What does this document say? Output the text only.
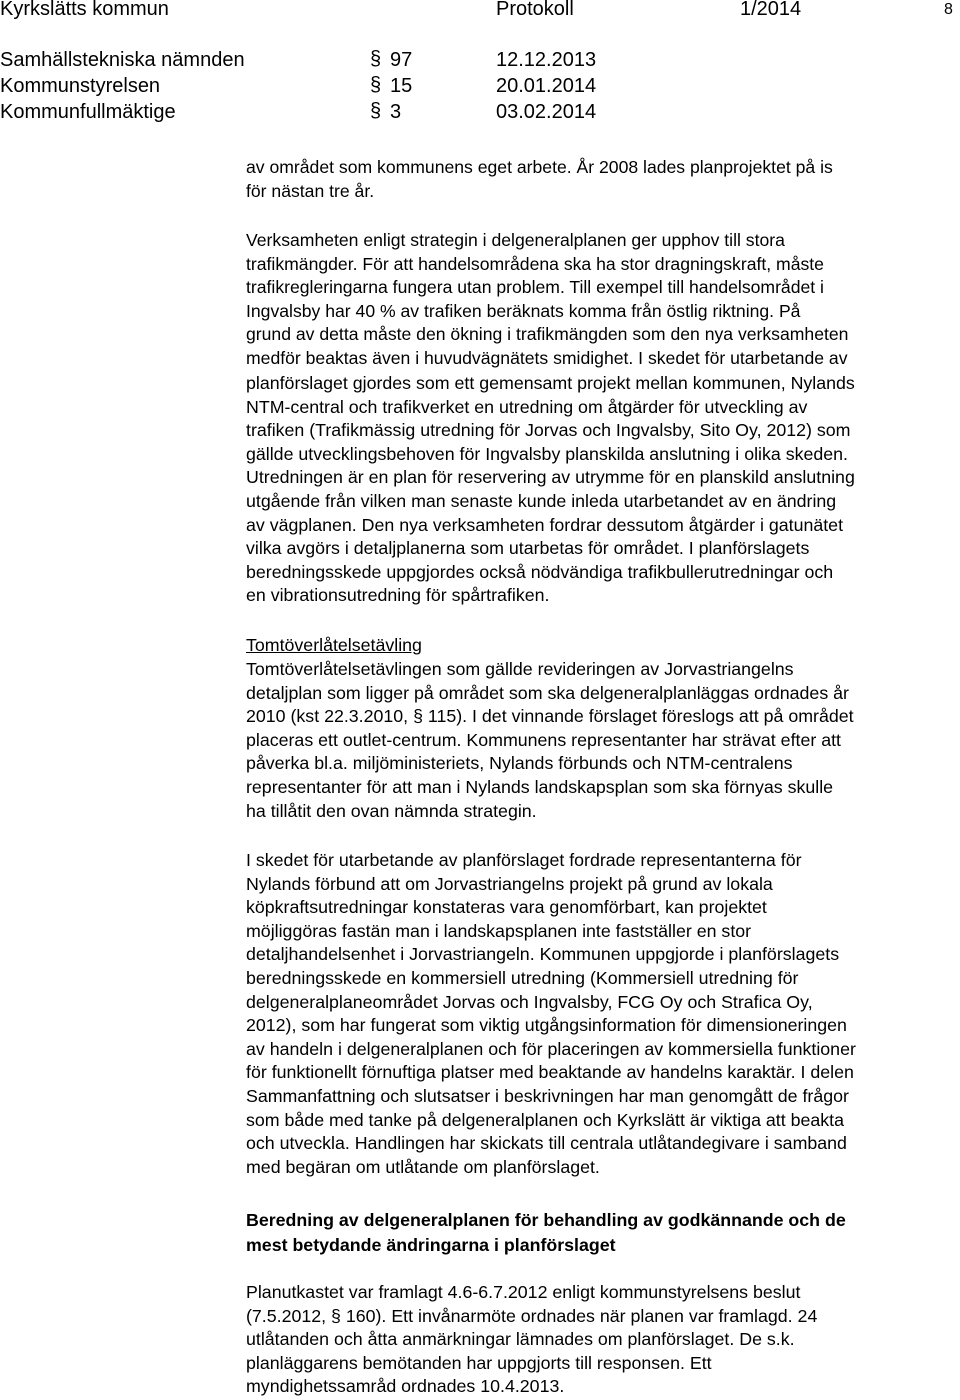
Kyrkslätts kommun	Protokoll	1/2014	8
Samhällstekniska nämnden	§ 97	12.12.2013
Kommunstyrelsen	§ 15	20.01.2014
Kommunfullmäktige	§ 3	03.02.2014
av området som kommunens eget arbete. År 2008 lades planprojektet på is
för nästan tre år.
Verksamheten enligt strategin i delgeneralplanen ger upphov till stora
trafikmängder. För att handelsområdena ska ha stor dragningskraft, måste
trafikregleringarna fungera utan problem. Till exempel till handelsområdet i
Ingvalsby har 40 % av trafiken beräknats komma från östlig riktning. På
grund av detta måste den ökning i trafikmängden som den nya verksamheten
medför beaktas även i huvudvägnätets smidighet. I skedet för utarbetande av
planförslaget gjordes som ett gemensamt projekt mellan kommunen, Nylands
NTM-central och trafikverket en utredning om åtgärder för utveckling av
trafiken (Trafikmässig utredning för Jorvas och Ingvalsby, Sito Oy, 2012) som
gällde utvecklingsbehoven för Ingvalsby planskilda anslutning i olika skeden.
Utredningen är en plan för reservering av utrymme för en planskild anslutning
utgående från vilken man senaste kunde inleda utarbetandet av en ändring
av vägplanen. Den nya verksamheten fordrar dessutom åtgärder i gatunätet
vilka avgörs i detaljplanerna som utarbetas för området. I planförslagets
beredningsskede uppgjordes också nödvändiga trafikbullerutredningar och
en vibrationsutredning för spårtrafiken.
Tomtöverlåtelsetävling
Tomtöverlåtelsetävlingen som gällde revideringen av Jorvastriangelns
detaljplan som ligger på området som ska delgeneralplanläggas ordnades år
2010 (kst 22.3.2010, § 115). I det vinnande förslaget föreslogs att på området
placeras ett outlet-centrum. Kommunens representanter har strävat efter att
påverka bl.a. miljöministeriets, Nylands förbunds och NTM-centralens
representanter för att man i Nylands landskapsplan som ska förnyas skulle
ha tillåtit den ovan nämnda strategin.
I skedet för utarbetande av planförslaget fordrade representanterna för
Nylands förbund att om Jorvastriangelns projekt på grund av lokala
köpkraftsutredningar konstateras vara genomförbart, kan projektet
möjliggöras fastän man i landskapsplanen inte fastställer en stor
detaljhandelsenhet i Jorvastriangeln. Kommunen uppgjorde i planförslagets
beredningsskede en kommersiell utredning (Kommersiell utredning för
delgeneralplaneområdet Jorvas och Ingvalsby, FCG Oy och Strafica Oy,
2012), som har fungerat som viktig utgångsinformation för dimensioneringen
av handeln i delgeneralplanen och för placeringen av kommersiella funktioner
för funktionellt förnuftiga platser med beaktande av handelns karaktär. I delen
Sammanfattning och slutsatser i beskrivningen har man genomgått de frågor
som både med tanke på delgeneralplanen och Kyrkslätt är viktiga att beakta
och utveckla. Handlingen har skickats till centrala utlåtandegivare i samband
med begäran om utlåtande om planförslaget.
Beredning av delgeneralplanen för behandling av godkännande och de
mest betydande ändringarna i planförslaget
Planutkastet var framlagt 4.6-6.7.2012 enligt kommunstyrelsens beslut
(7.5.2012, § 160). Ett invånarmöte ordnades när planen var framlagd. 24
utlåtanden och åtta anmärkningar lämnades om planförslaget. De s.k.
planläggarens bemötanden har uppgjorts till responsen. Ett
myndighetssamråd ordnades 10.4.2013.
